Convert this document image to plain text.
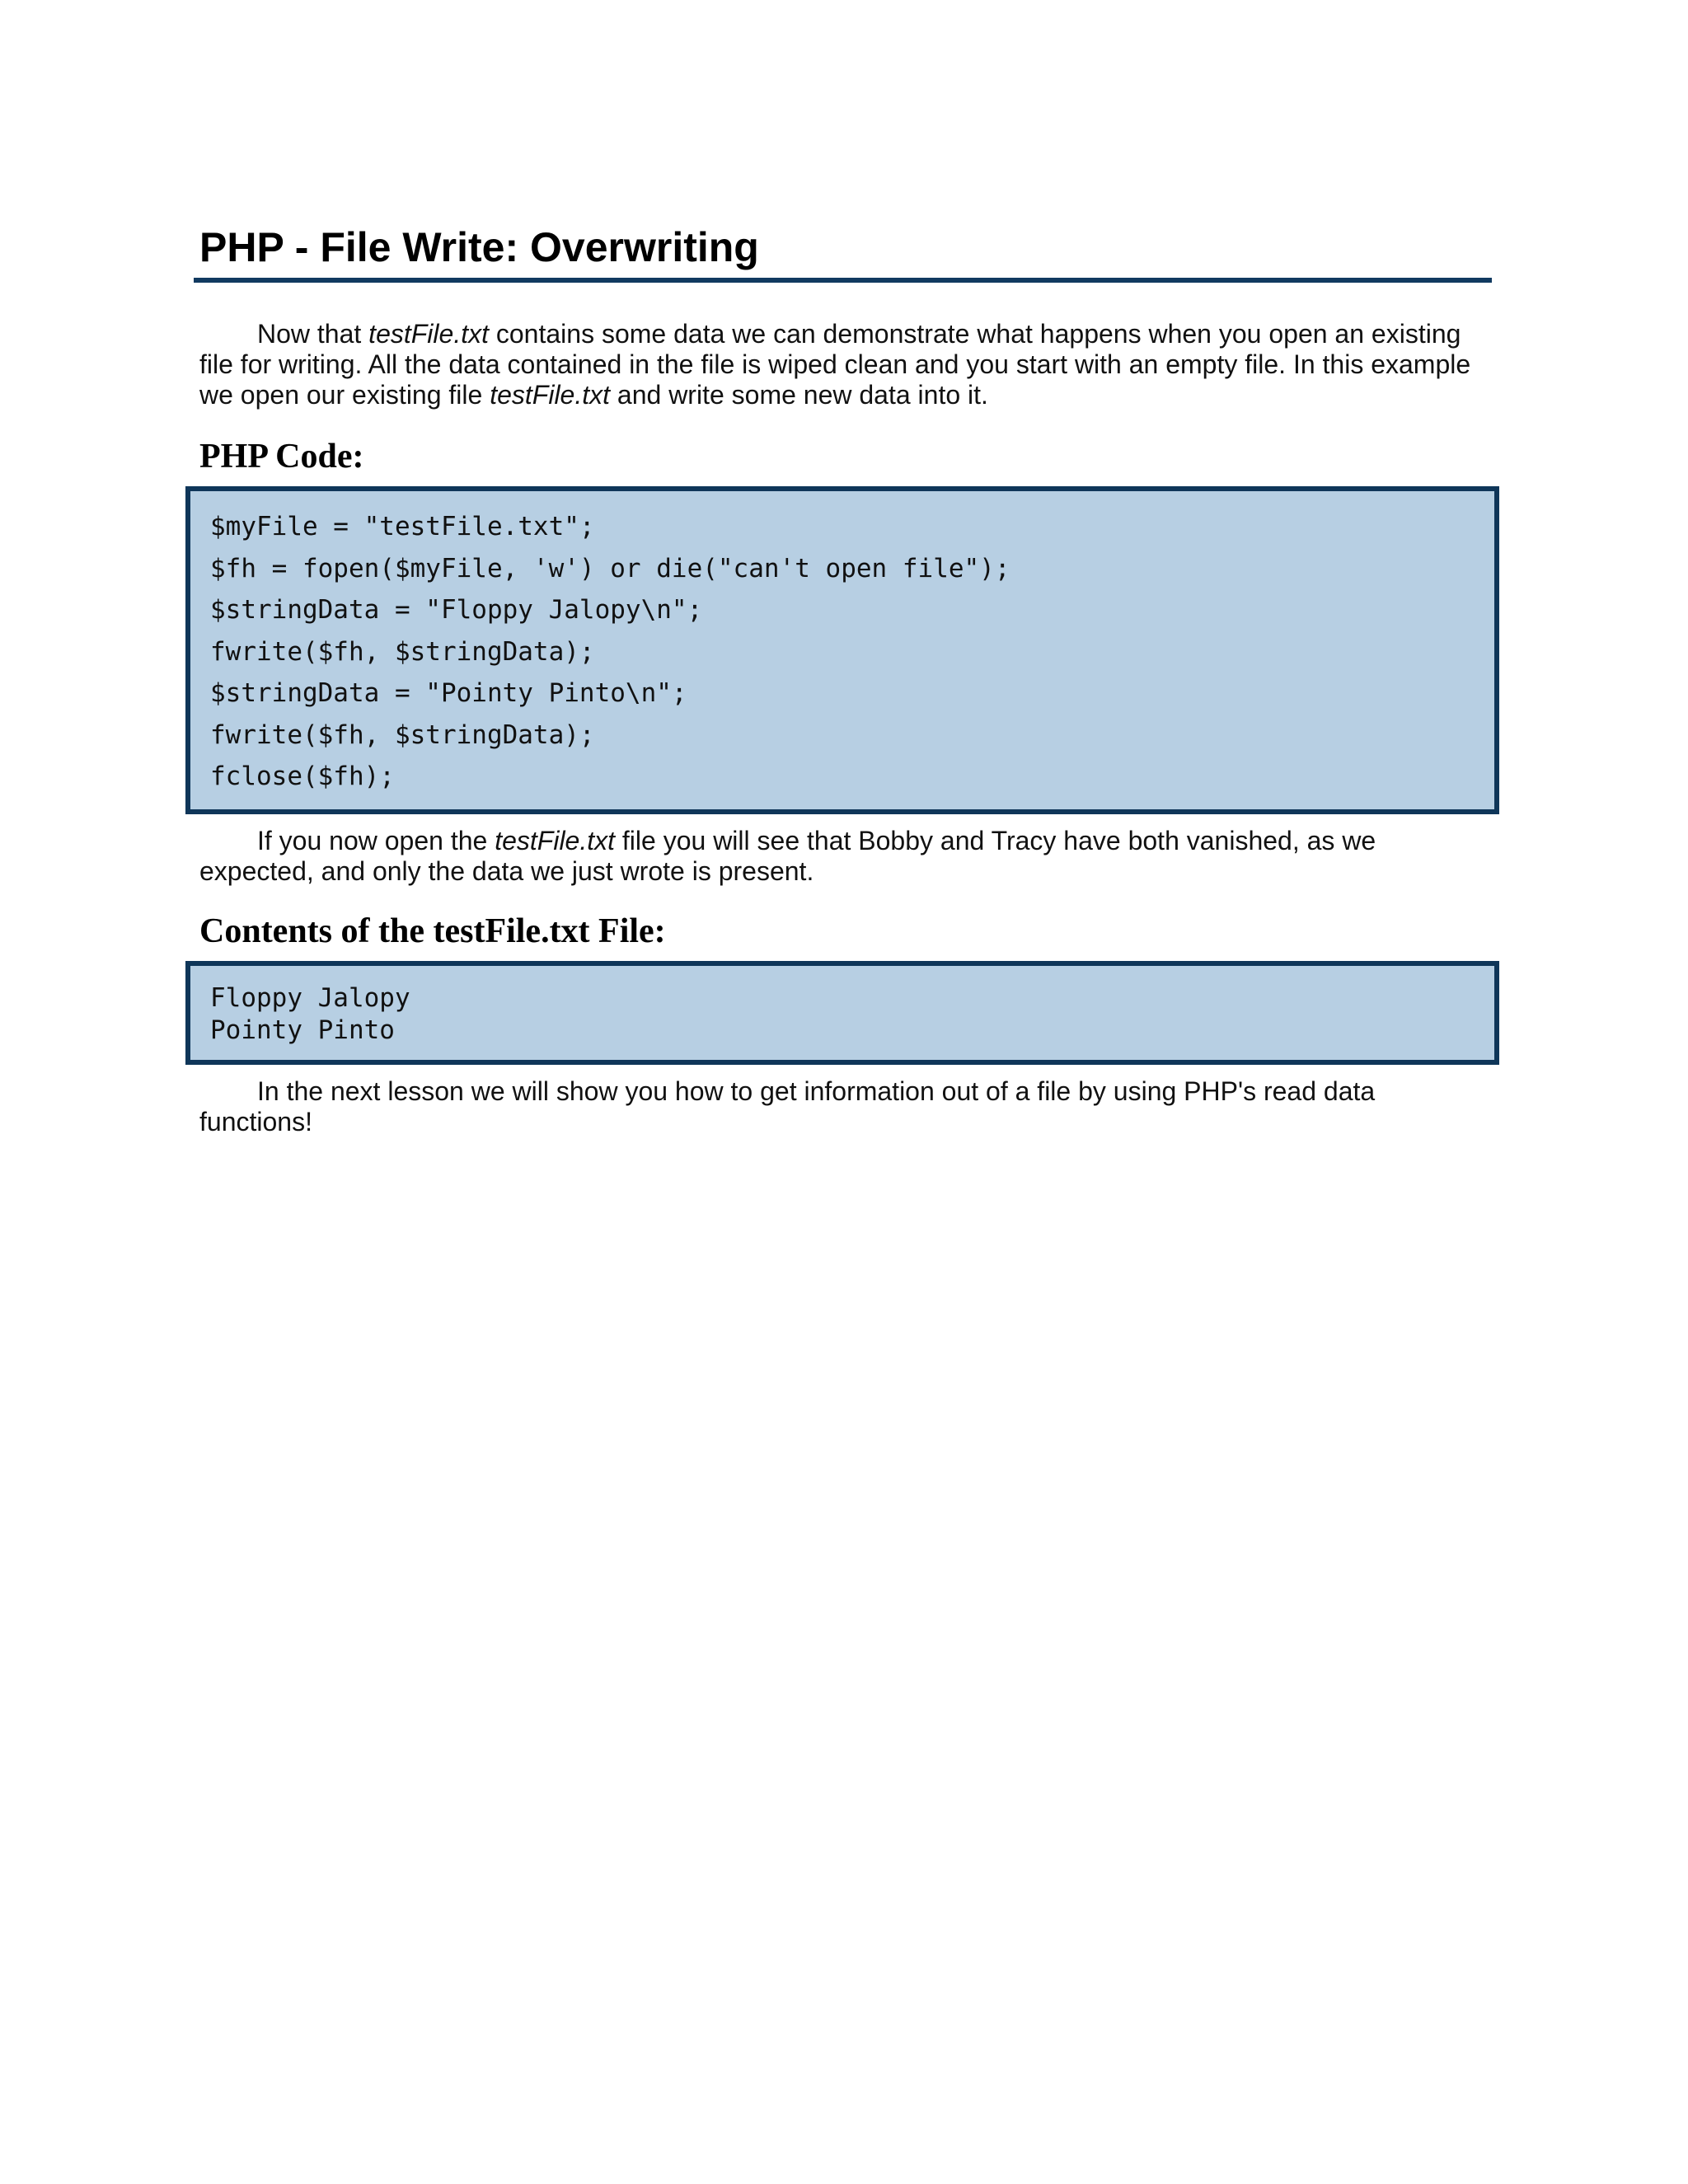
PHP - File Write: Overwriting

Now that testFile.txt contains some data we can demonstrate what happens when you open an existing file for writing. All the data contained in the file is wiped clean and you start with an empty file. In this example we open our existing file testFile.txt and write some new data into it.

PHP Code:
$myFile = "testFile.txt";
$fh = fopen($myFile, 'w') or die("can't open file");
$stringData = "Floppy Jalopy\n";
fwrite($fh, $stringData);
$stringData = "Pointy Pinto\n";
fwrite($fh, $stringData);
fclose($fh);

If you now open the testFile.txt file you will see that Bobby and Tracy have both vanished, as we expected, and only the data we just wrote is present.

Contents of the testFile.txt File:
Floppy Jalopy
Pointy Pinto

In the next lesson we will show you how to get information out of a file by using PHP's read data functions!
